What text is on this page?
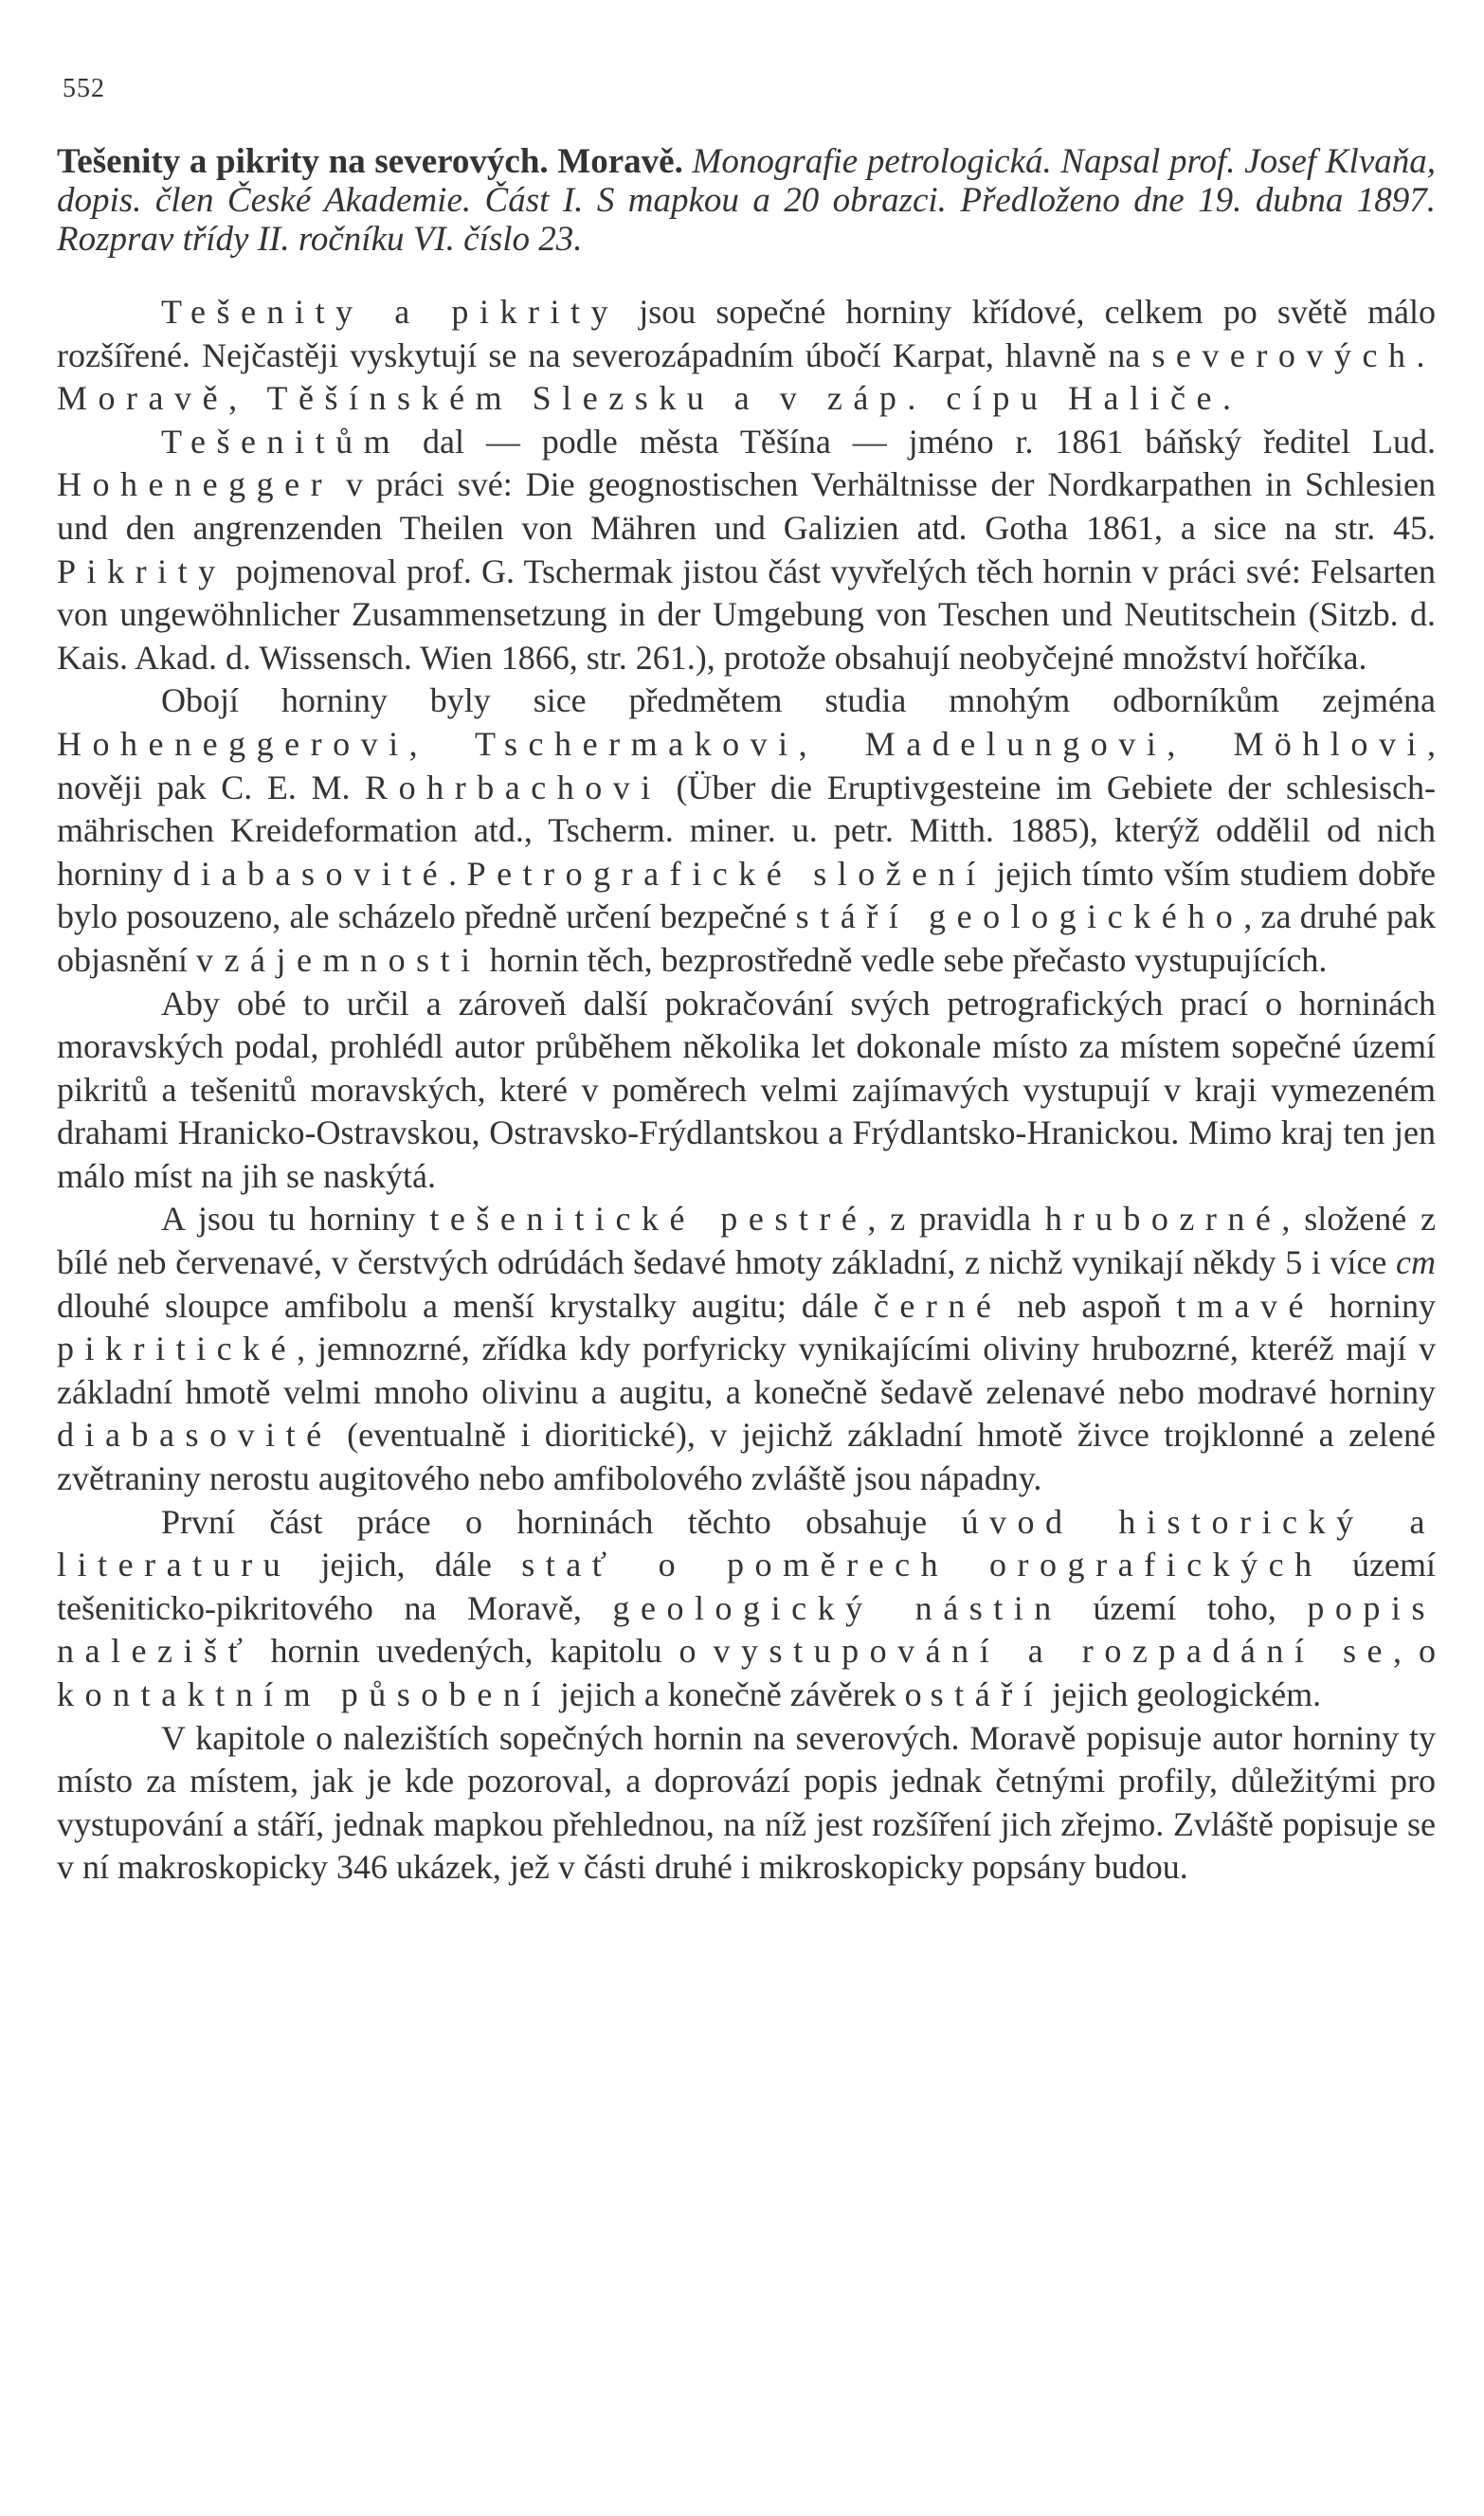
552
Tešenity a pikrity na severových. Moravě. Monografie petrologická. Napsal prof. Josef Klvaňa, dopis. člen České Akademie. Část I. S mapkou a 20 obrazci. Předloženo dne 19. dubna 1897. Rozprav třídy II. ročníku VI. číslo 23.

Tešenity a pikrity jsou sopečné horniny křídové, celkem po světě málo rozšířené. Nejčastěji vyskytují se na severozápadním úbočí Karpat, hlavně na severových. Moravě, Těšínském Slezsku a v záp. cípu Haliče.

Tešenitům dal — podle města Těšína — jméno r. 1861 báňský ředitel Lud. Hohenegger v práci své: Die geognostischen Verhältnisse der Nordkarpathen in Schlesien und den angrenzenden Theilen von Mähren und Galizien atd. Gotha 1861, a sice na str. 45. Pikrity pojmenoval prof. G. Tschermak jistou část vyvřelých těch hornin v práci své: Felsarten von ungewöhnlicher Zusammensetzung in der Umgebung von Teschen und Neutitschein (Sitzb. d. Kais. Akad. d. Wissensch. Wien 1866, str. 261.), protože obsahují neobyčejné množství hořčíka.

Obojí horniny byly sice předmětem studia mnohým odborníkům zejména Hoheneggerovi, Tschermakovi, Madelungovi, Möhlovi, nověji pak C. E. M. Rohrbachovi (Über die Eruptivgesteine im Gebiete der schlesisch-mährischen Kreideformation atd., Tscherm. miner. u. petr. Mitth. 1885), kterýž oddělil od nich horniny diabasovité. Petrografické složení jejich tímto vším studiem dobře bylo posouzeno, ale scházelo předně určení bezpečné stáří geologického, za druhé pak objasnění vzájemnosti hornin těch, bezprostředně vedle sebe přečasto vystupujících.

Aby obé to určil a zároveň další pokračování svých petrografických prací o horninách moravských podal, prohlédl autor průběhem několika let dokonale místo za místem sopečné území pikritů a tešenitů moravských, které v poměrech velmi zajímavých vystupují v kraji vymezeném drahami Hranicko-Ostravskou, Ostravsko-Frýdlantskou a Frýdlantsko-Hranickou. Mimo kraj ten jen málo míst na jih se naskýtá.

A jsou tu horniny tešenitické pestré, z pravidla hrubozrné, složené z bílé neb červenavé, v čerstvých odrúdách šedavé hmoty základní, z nichž vynikají někdy 5 i více cm dlouhé sloupce amfibolu a menší krystalky augitu; dále černé neb aspoň tmavé horniny pikritické, jemnozrné, zřídka kdy porfyricky vynikajícími oliviny hrubozrné, kteréž mají v základní hmotě velmi mnoho olivinu a augitu, a konečně šedavě zelenavé nebo modravé horniny diabasovité (eventualně i dioritické), v jejichž základní hmotě živce trojklonné a zelené zvětraniny nerostu augitového nebo amfibolového zvláště jsou nápadny.

První část práce o horninách těchto obsahuje úvod historický a literaturu jejich, dále stať o poměrech orografických území tešeniticko-pikritového na Moravě, geologický nástin území toho, popis nalezišť hornin uvedených, kapitolu o vystupování a rozpadání se, o kontaktním působení jejich a konečně závěrek o stáří jejich geologickém.

V kapitole o nalezištích sopečných hornin na severových. Moravě popisuje autor horniny ty místo za místem, jak je kde pozoroval, a doprovází popis jednak četnými profily, důležitými pro vystupování a stáří, jednak mapkou přehlednou, na níž jest rozšíření jich zřejmo. Zvláště popisuje se v ní makroskopicky 346 ukázek, jež v části druhé i mikroskopicky popsány budou.
